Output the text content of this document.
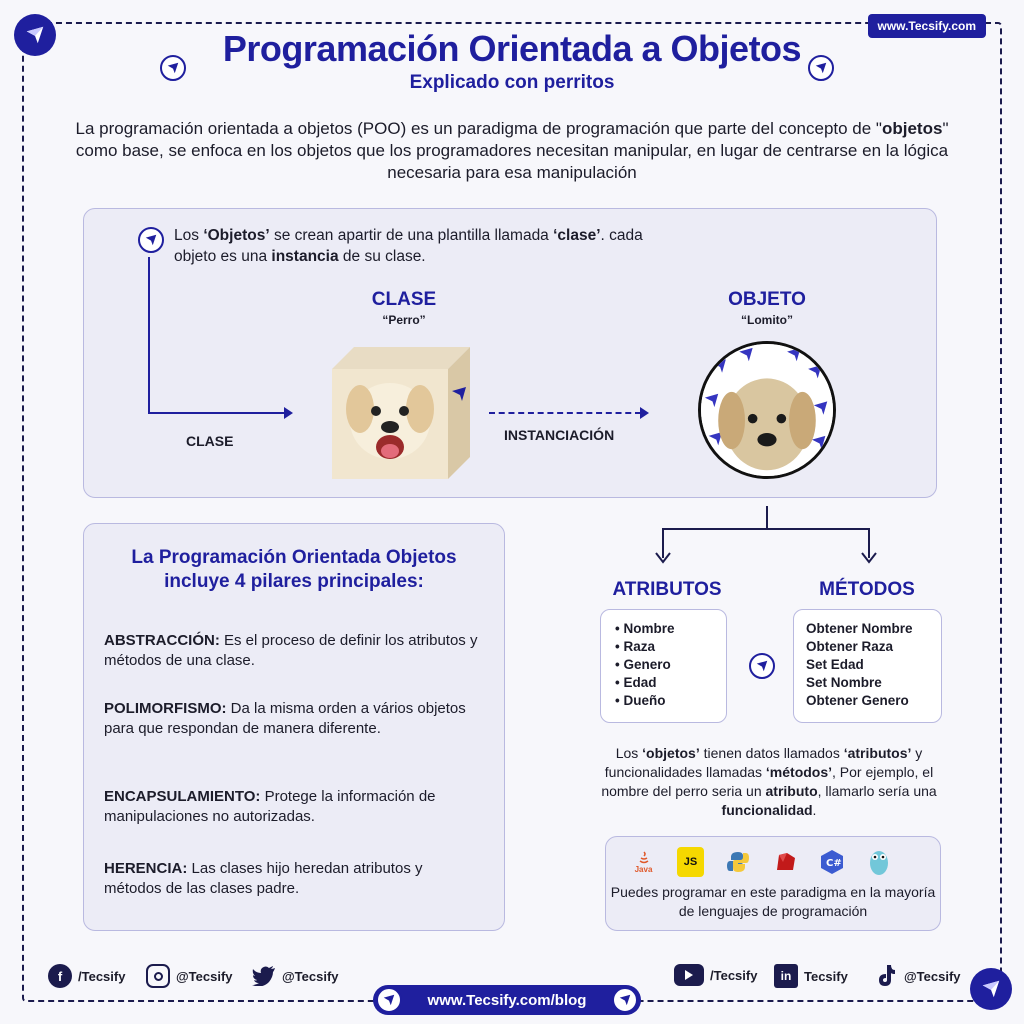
www.Tecsify.com
Programación Orientada a Objetos
Explicado con perritos
La programación orientada a objetos (POO) es un paradigma de programación que parte del concepto de "objetos" como base, se enfoca en los objetos que los programadores necesitan manipular, en lugar de centrarse en la lógica necesaria para esa manipulación
Los ‘Objetos’ se crean apartir de una plantilla llamada ‘clase’. cada objeto es una instancia de su clase.
CLASE
CLASE
“Perro”
INSTANCIACIÓN
OBJETO
“Lomito”
ATRIBUTOS	MÉTODOS
• Nombre
• Raza
• Genero
• Edad
• Dueño
Obtener Nombre
Obtener Raza
Set Edad
Set Nombre
Obtener Genero
Los ‘objetos’ tienen datos llamados ‘atributos’ y funcionalidades llamadas ‘métodos’, Por ejemplo, el nombre del perro seria un atributo, llamarlo sería una funcionalidad.
La Programación Orientada Objetos
incluye 4 pilares principales:
ABSTRACCIÓN: Es el proceso de definir los atributos y métodos de una clase.
POLIMORFISMO: Da la misma orden a vários objetos para que respondan de manera diferente.
ENCAPSULAMIENTO: Protege la información de manipulaciones no autorizadas.
HERENCIA: Las clases hijo heredan atributos y métodos de las clases padre.
Java
JS	C#
Puedes programar en este paradigma en la mayoría de lenguajes de programación
f	/Tecsify	@Tecsify	@Tecsify
www.Tecsify.com/blog
/Tecsify	in Tecsify	@Tecsify
